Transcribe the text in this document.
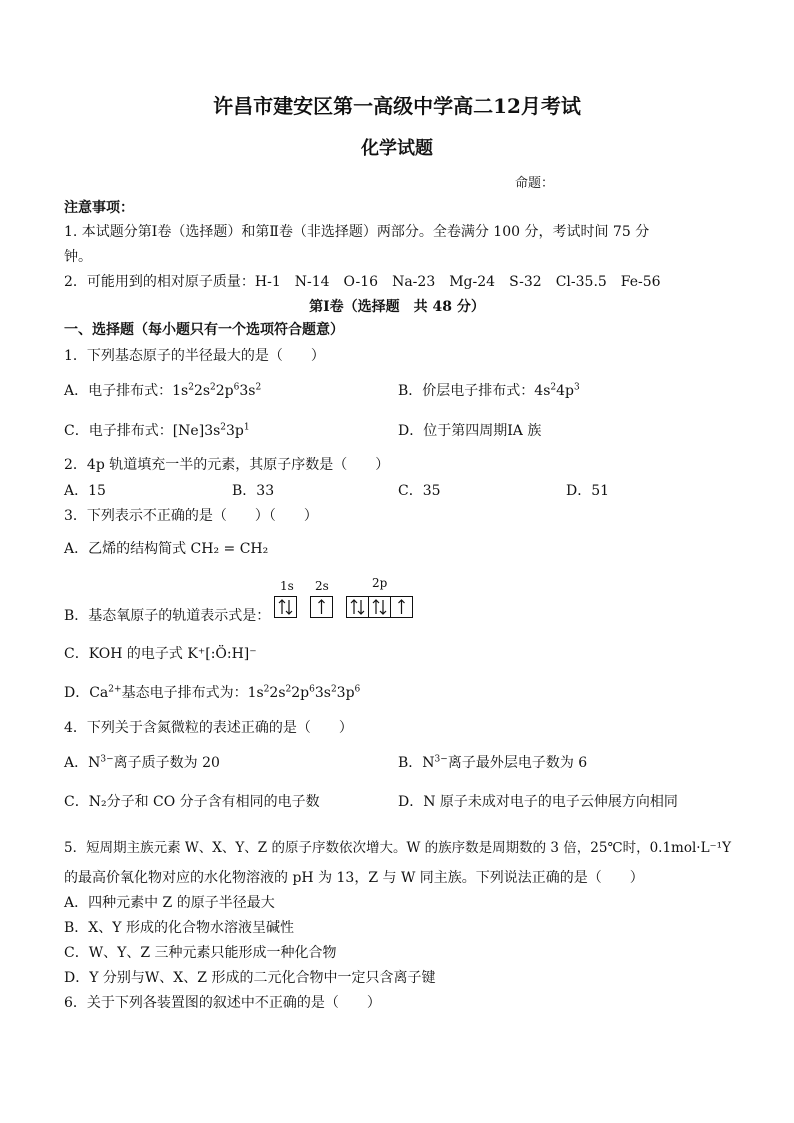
许昌市建安区第一高级中学高二12月考试
化学试题
命题：
注意事项：
1. 本试题分第Ⅰ卷（选择题）和第Ⅱ卷（非选择题）两部分。全卷满分 100 分，考试时间 75 分
钟。
2．可能用到的相对原子质量：H-1　N-14　O-16　Na-23　Mg-24　S-32　Cl-35.5　Fe-56
第Ⅰ卷（选择题　共 48 分）
一、选择题（每小题只有一个选项符合题意）
1．下列基态原子的半径最大的是（　　）
A．电子排布式：$1s^22s^22p^63s^2$	B．价层电子排布式：$4s^24p^3$
C．电子排布式：$[Ne]3s^23p^1$	D．位于第四周期ⅠA 族
2．4p 轨道填充一半的元素，其原子序数是（　　）
A．15	B．33	C．35	D．51
3．下列表示不正确的是（　　）（　　）
A．乙烯的结构简式 CH₂ = CH₂
1s 2s	2p
B．基态氧原子的轨道表示式是：
C．KOH 的电子式 K⁺[:Ö:H]⁻
D．$Ca^{2+}$基态电子排布式为：$1s^22s^22p^63s^23p^6$
4．下列关于含氮微粒的表述正确的是（　　）
A．$N^{3-}$离子质子数为 20	B．$N^{3-}$离子最外层电子数为 6
C．N₂分子和 CO 分子含有相同的电子数	D．N 原子未成对电子的电子云伸展方向相同
5．短周期主族元素 W、X、Y、Z 的原子序数依次增大。W 的族序数是周期数的 3 倍，25℃时，0.1mol·L⁻¹Y
的最高价氧化物对应的水化物溶液的 pH 为 13，Z 与 W 同主族。下列说法正确的是（　　）
A．四种元素中 Z 的原子半径最大
B．X、Y 形成的化合物水溶液呈碱性
C．W、Y、Z 三种元素只能形成一种化合物
D．Y 分别与W、X、Z 形成的二元化合物中一定只含离子键
6．关于下列各装置图的叙述中不正确的是（　　）
